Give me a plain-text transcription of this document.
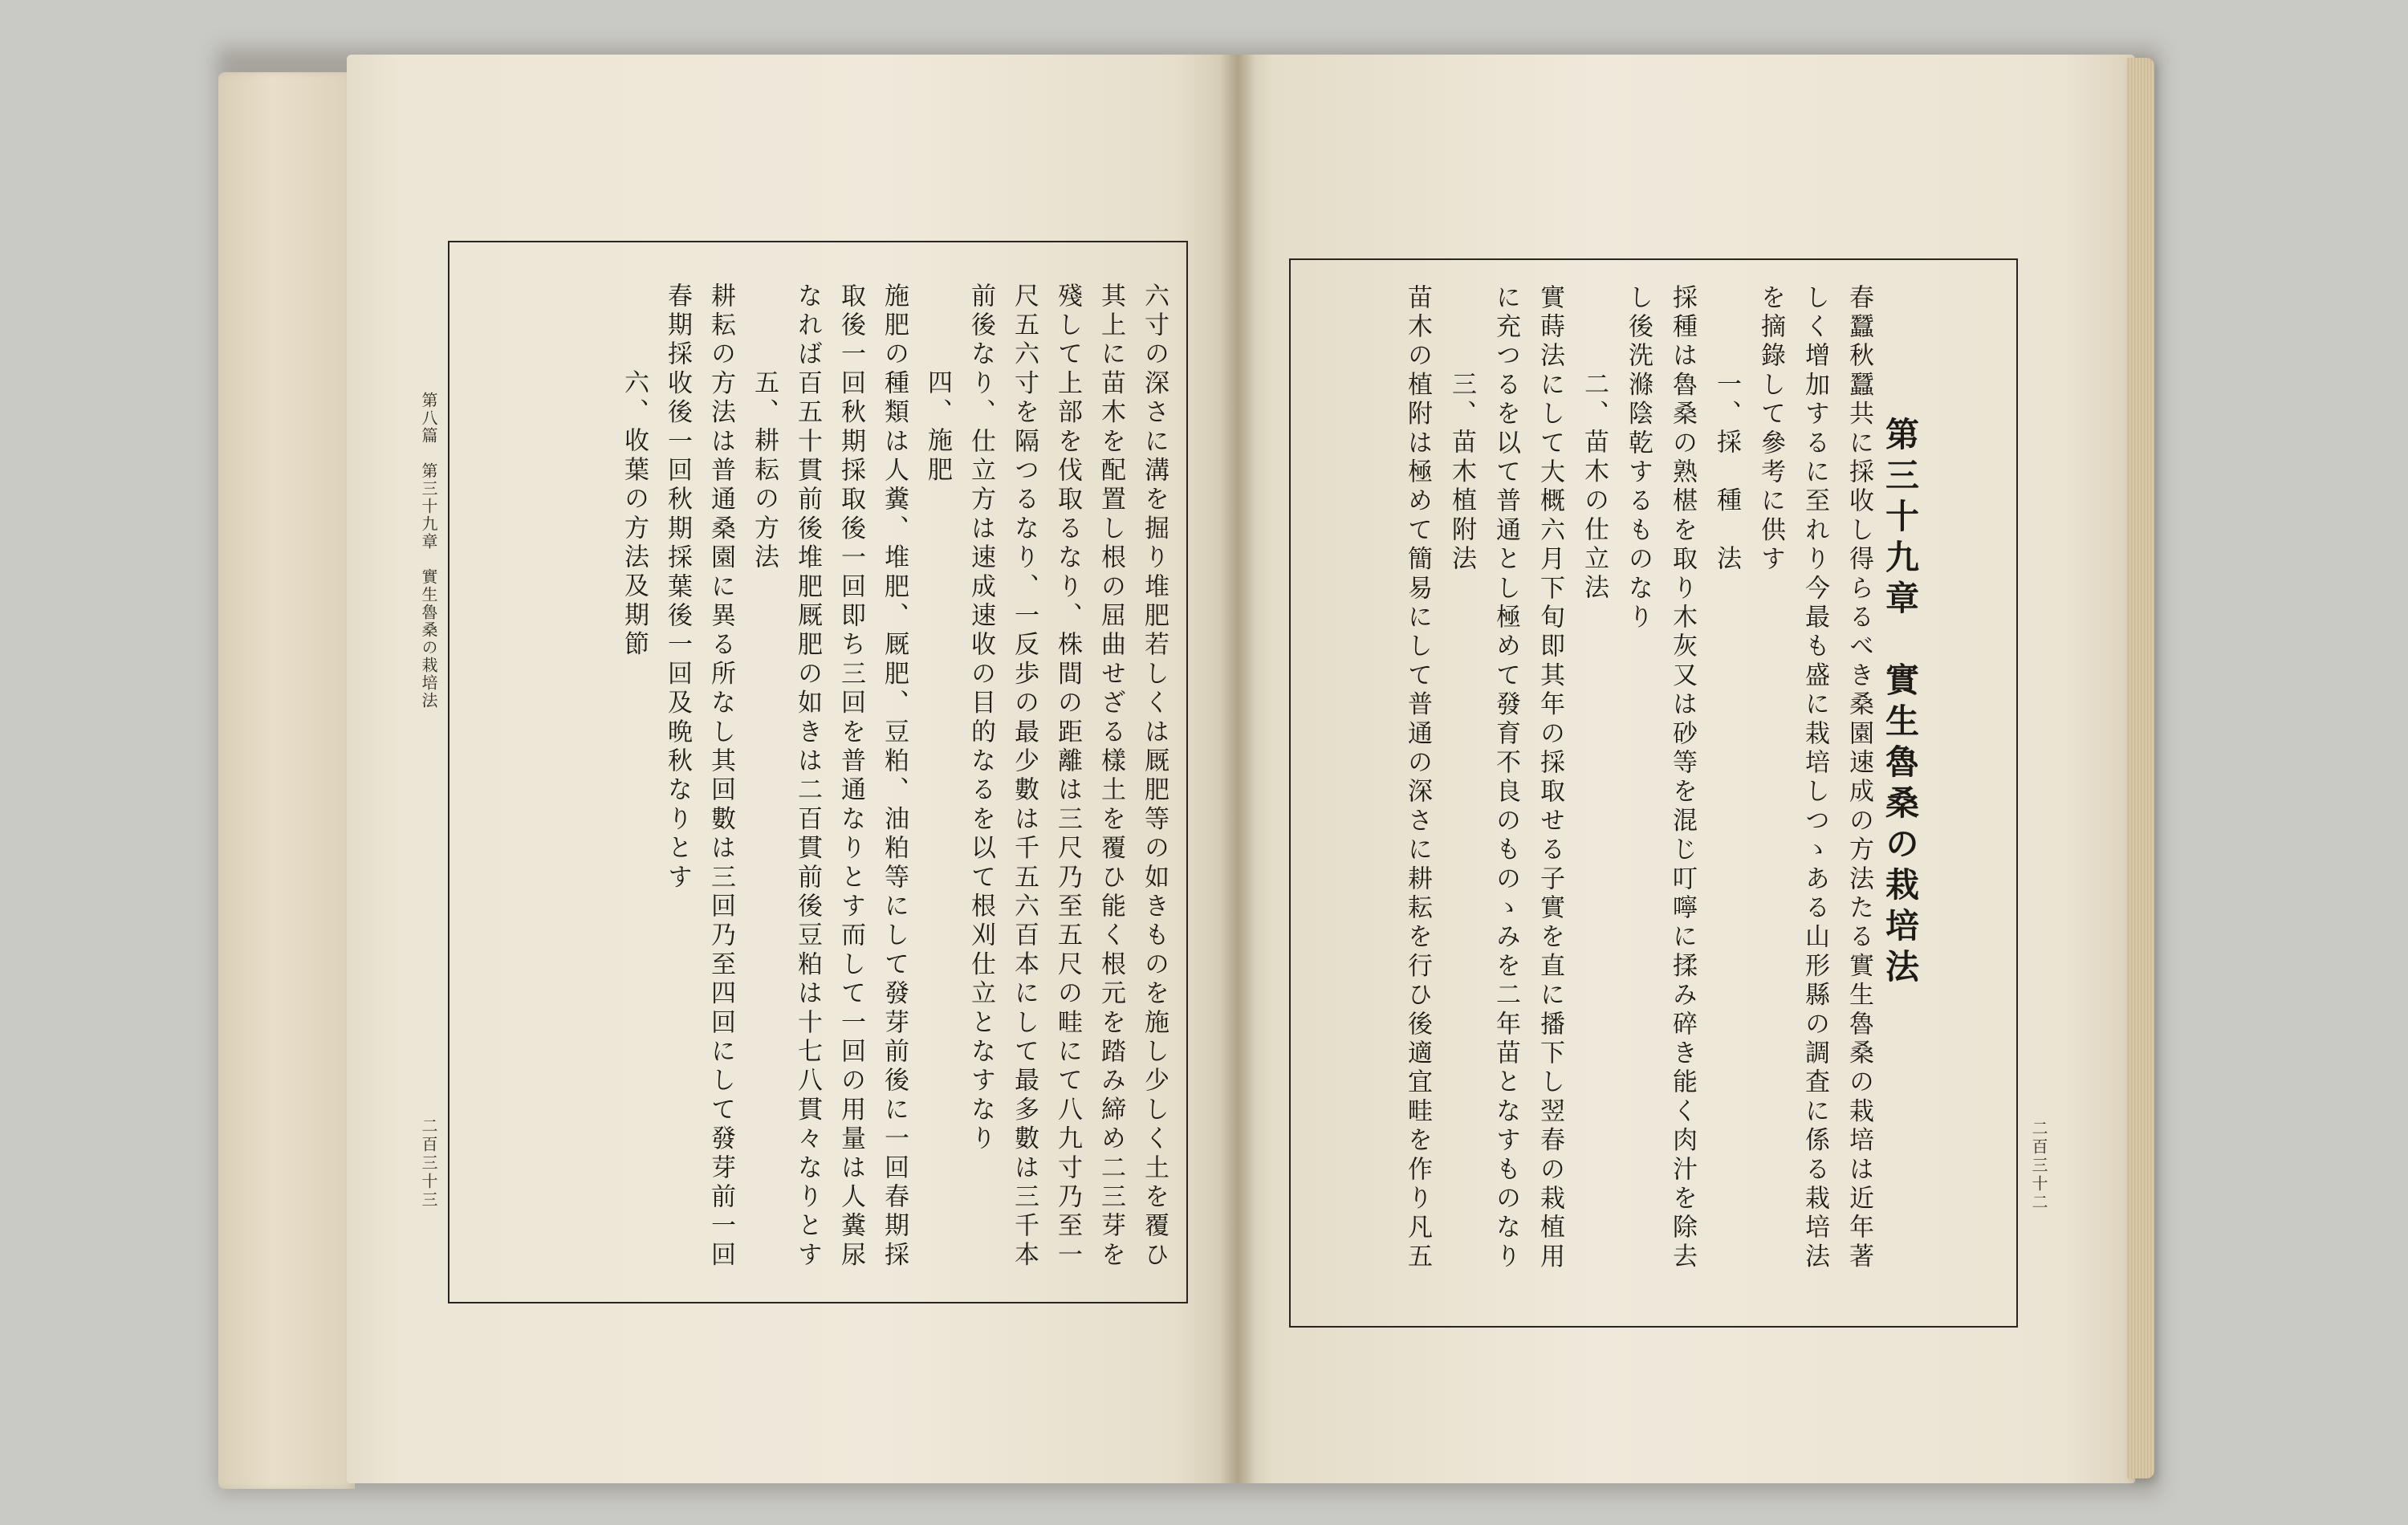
六寸の深さに溝を掘り堆肥若しくは厩肥等の如きものを施し少しく土を覆ひ
其上に苗木を配置し根の屈曲せざる樣土を覆ひ能く根元を踏み締め二三芽を
殘して上部を伐取るなり、株間の距離は三尺乃至五尺の畦にて八九寸乃至一
尺五六寸を隔つるなり、一反歩の最少數は千五六百本にして最多數は三千本
前後なり、仕立方は速成速收の目的なるを以て根刈仕立となすなり
四、施肥
施肥の種類は人糞、堆肥、厩肥、豆粕、油粕等にして發芽前後に一回春期採
取後一回秋期採取後一回即ち三回を普通なりとす而して一回の用量は人糞尿
なれば百五十貫前後堆肥厩肥の如きは二百貫前後豆粕は十七八貫々なりとす
五、耕耘の方法
耕耘の方法は普通桑園に異る所なし其回數は三回乃至四回にして發芽前一回
春期採收後一回秋期採葉後一回及晩秋なりとす
六、收葉の方法及期節
第八篇　第三十九章　實生魯桑の栽培法
二百三十三
第三十九章　實生魯桑の栽培法
春蠶秋蠶共に採收し得らるべき桑園速成の方法たる實生魯桑の栽培は近年著
しく增加するに至れり今最も盛に栽培しつゝある山形縣の調査に係る栽培法
を摘錄して參考に供す
一、採　種　法
採種は魯桑の熟椹を取り木灰又は砂等を混じ叮嚀に揉み碎き能く肉汁を除去
し後洗滌陰乾するものなり
二、苗木の仕立法
實蒔法にして大概六月下旬即其年の採取せる子實を直に播下し翌春の栽植用
に充つるを以て普通とし極めて發育不良のものゝみを二年苗となすものなり
三、苗木植附法
苗木の植附は極めて簡易にして普通の深さに耕耘を行ひ後適宜畦を作り凡五	二百三十二
